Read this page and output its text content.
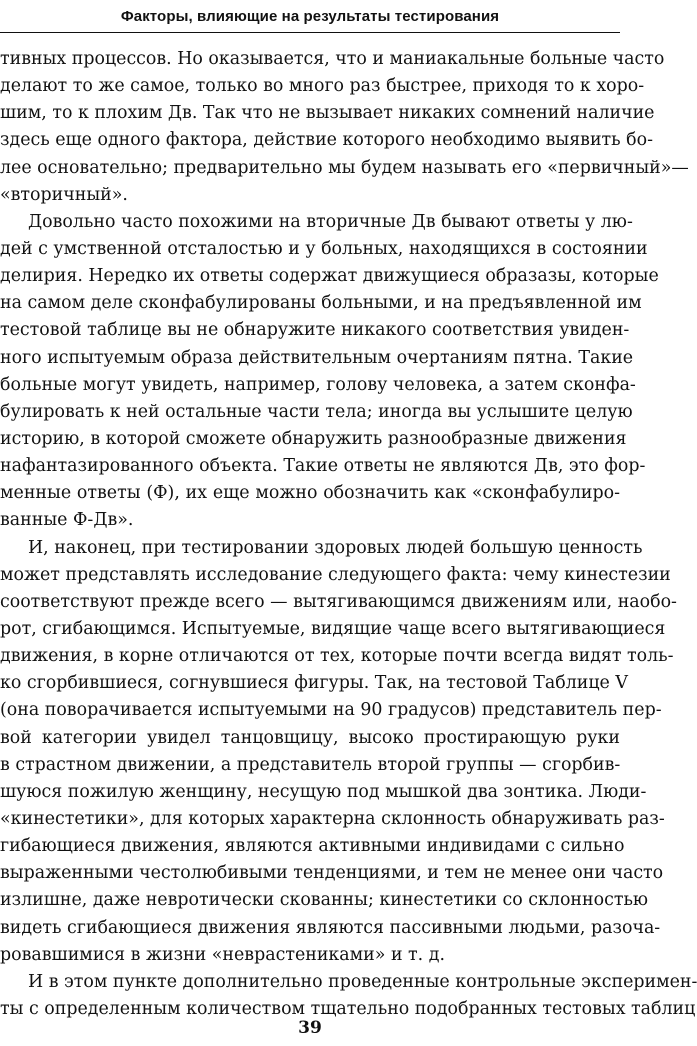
Факторы, влияющие на результаты тестирования
тивных процессов. Но оказывается, что и маниакальные больные часто
делают то же самое, только во много раз быстрее, приходя то к хоро-
шим, то к плохим Дв. Так что не вызывает никаких сомнений наличие
здесь еще одного фактора, действие которого необходимо выявить бо-
лее основательно; предварительно мы будем называть его «первичный»—
«вторичный».
Довольно часто похожими на вторичные Дв бывают ответы у лю-
дей с умственной отсталостью и у больных, находящихся в состоянии
делирия. Нередко их ответы содержат движущиеся образазы, которые
на самом деле сконфабулированы больными, и на предъявленной им
тестовой таблице вы не обнаружите никакого соответствия увиден-
ного испытуемым образа действительным очертаниям пятна. Такие
больные могут увидеть, например, голову человека, а затем сконфа-
булировать к ней остальные части тела; иногда вы услышите целую
историю, в которой сможете обнаружить разнообразные движения
нафантазированного объекта. Такие ответы не являются Дв, это фор-
менные ответы (Ф), их еще можно обозначить как «сконфабулиро-
ванные Ф-Дв».
И, наконец, при тестировании здоровых людей большую ценность
может представлять исследование следующего факта: чему кинестезии
соответствуют прежде всего — вытягивающимся движениям или, наобо-
рот, сгибающимся. Испытуемые, видящие чаще всего вытягивающиеся
движения, в корне отличаются от тех, которые почти всегда видят толь-
ко сгорбившиеся, согнувшиеся фигуры. Так, на тестовой Таблице V
(она поворачивается испытуемыми на 90 градусов) представитель пер-
вой категории увидел танцовщицу, высоко простирающую руки
в страстном движении, а представитель второй группы — сгорбив-
шуюся пожилую женщину, несущую под мышкой два зонтика. Люди-
«кинестетики», для которых характерна склонность обнаруживать раз-
гибающиеся движения, являются активными индивидами с сильно
выраженными честолюбивыми тенденциями, и тем не менее они часто
излишне, даже невротически скованны; кинестетики со склонностью
видеть сгибающиеся движения являются пассивными людьми, разоча-
ровавшимися в жизни «неврастениками» и т. д.
И в этом пункте дополнительно проведенные контрольные эксперимен-
ты с определенным количеством тщательно подобранных тестовых таблиц
39
